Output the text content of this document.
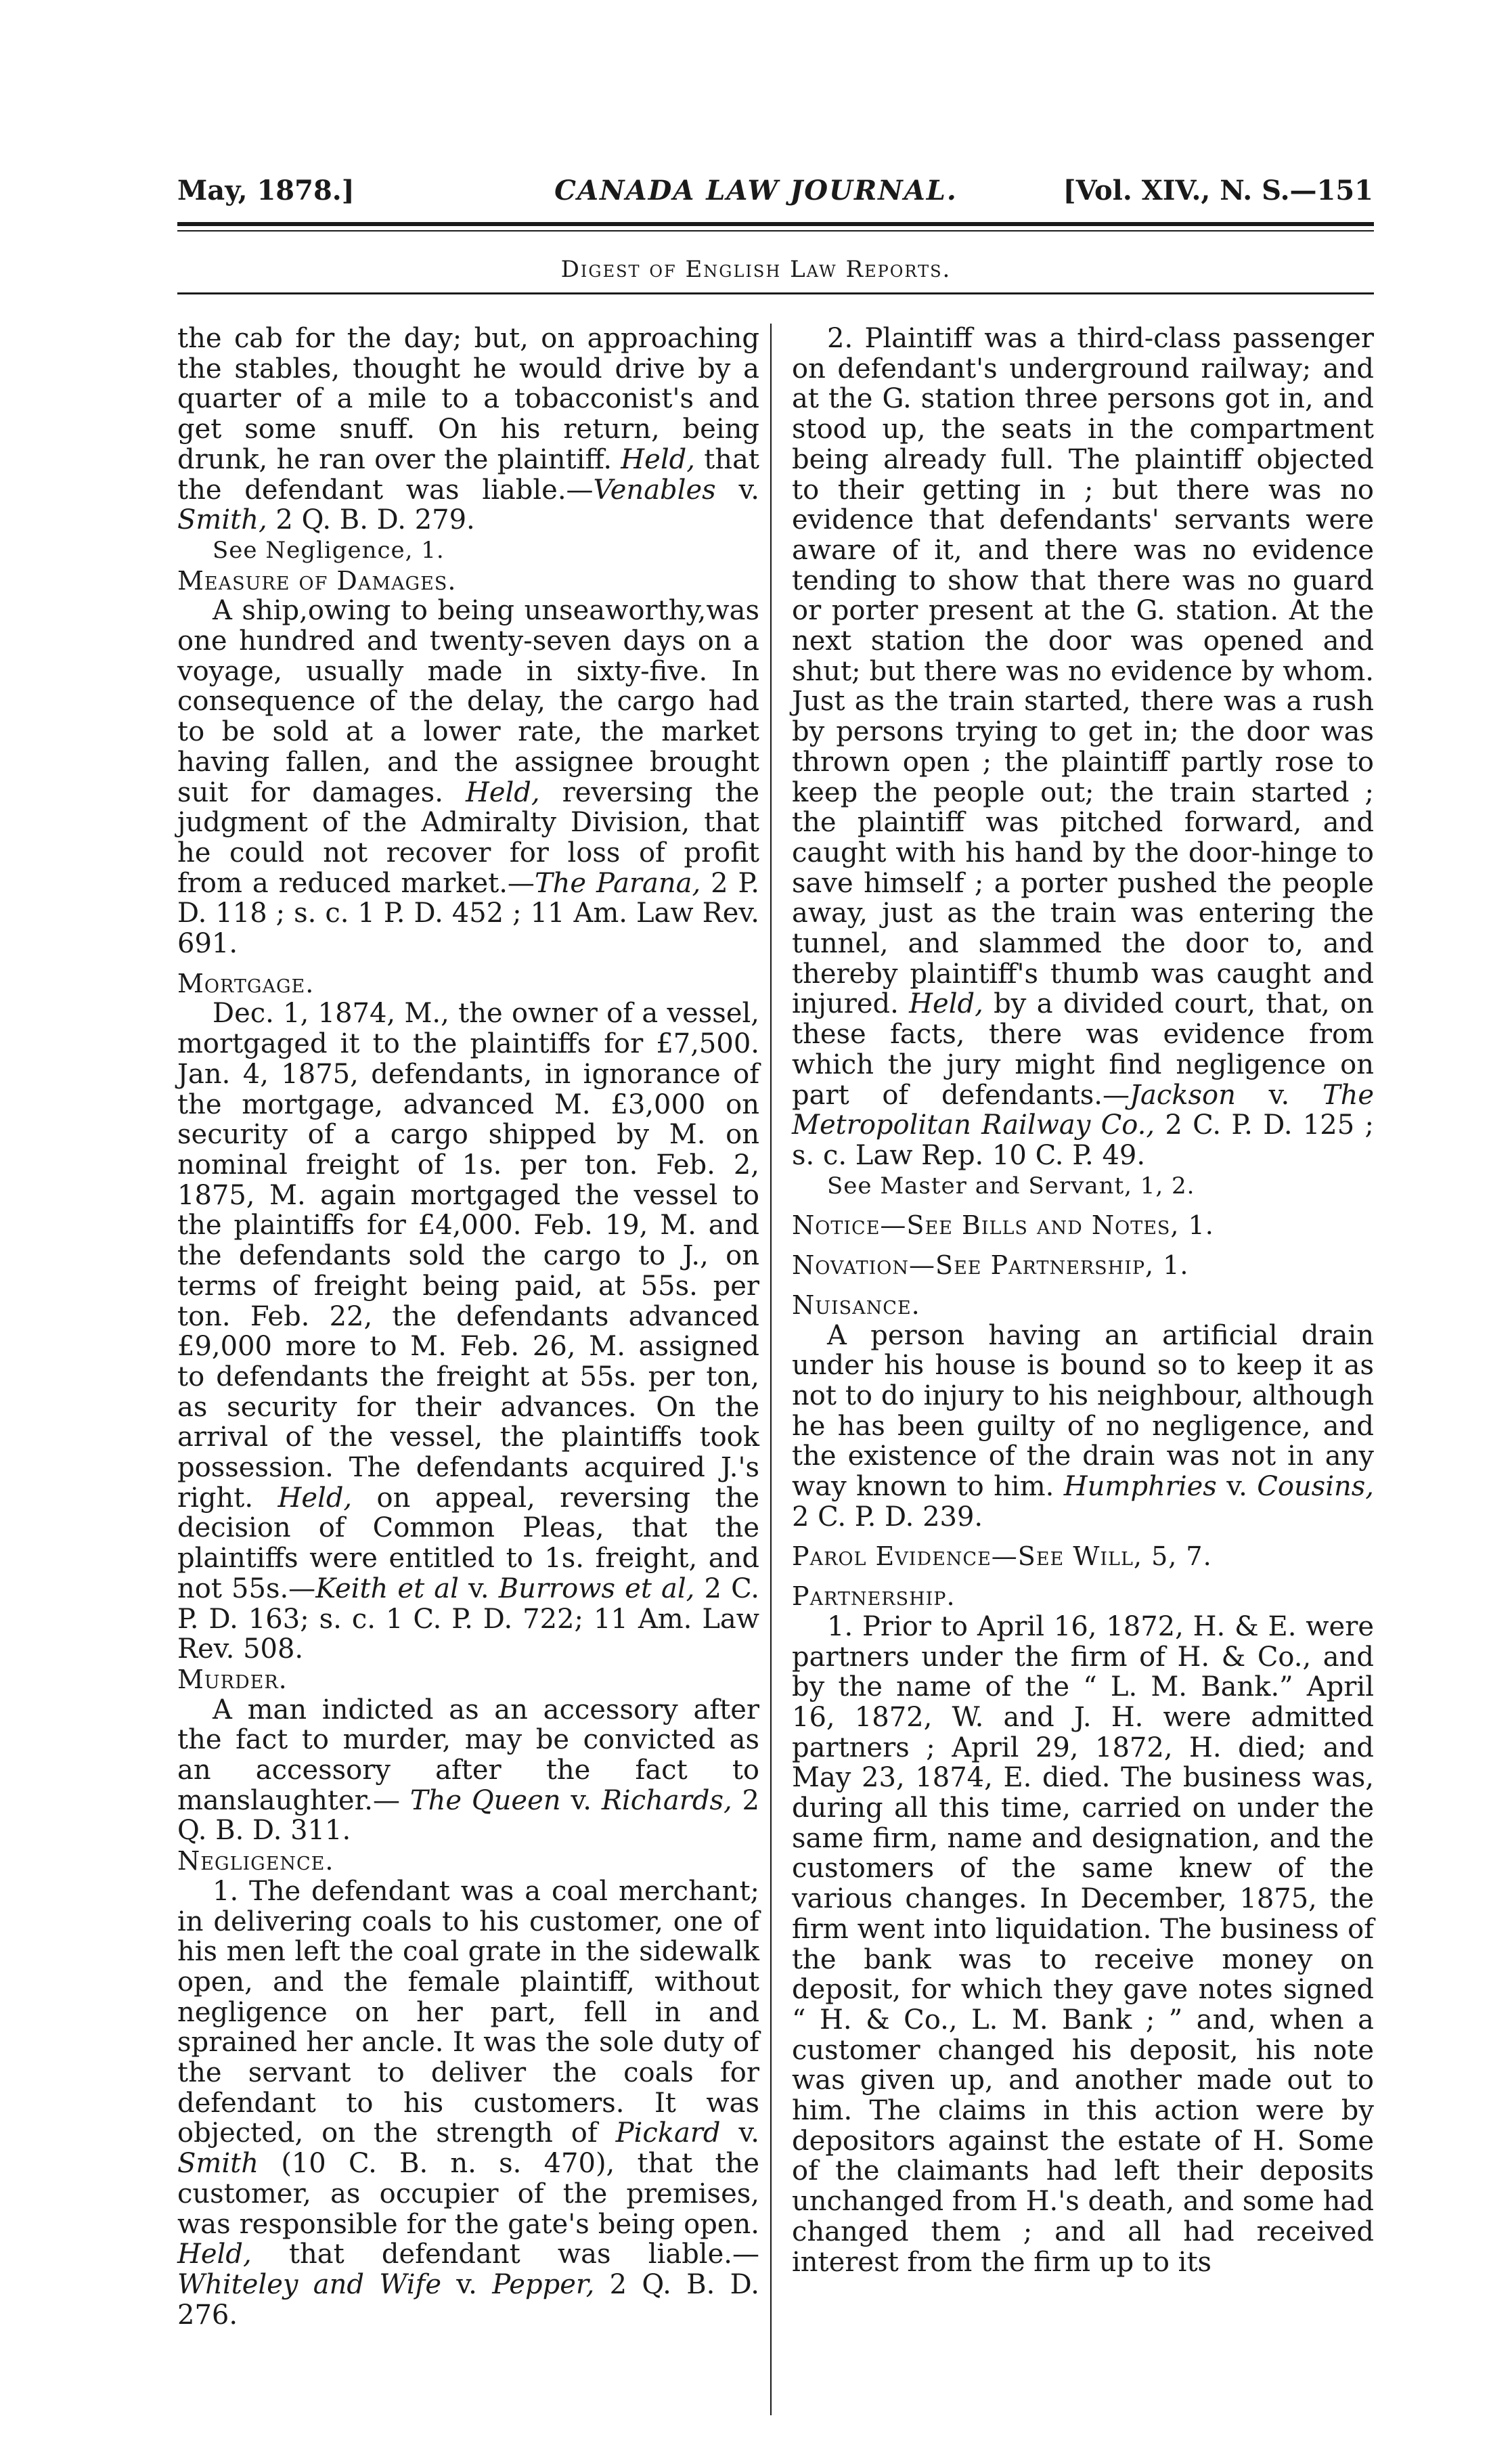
May, 1878.]	CANADA LAW JOURNAL.	[Vol. XIV., N. S.—151
Digest of English Law Reports.

the cab for the day; but, on approaching the stables, thought he would drive by a quarter of a mile to a tobacconist's and get some snuff. On his return, being drunk, he ran over the plaintiff. Held, that the defendant was liable.—Venables v. Smith, 2 Q. B. D. 279.

See Negligence, 1.

Measure of Damages.

A ship,owing to being unseaworthy,was one hundred and twenty-seven days on a voyage, usually made in sixty-five. In consequence of the delay, the cargo had to be sold at a lower rate, the market having fallen, and the assignee brought suit for damages. Held, reversing the judgment of the Admiralty Division, that he could not recover for loss of profit from a reduced market.—The Parana, 2 P. D. 118 ; s. c. 1 P. D. 452 ; 11 Am. Law Rev. 691.

Mortgage.

Dec. 1, 1874, M., the owner of a vessel, mortgaged it to the plaintiffs for £7,500. Jan. 4, 1875, defendants, in ignorance of the mortgage, advanced M. £3,000 on security of a cargo shipped by M. on nominal freight of 1s. per ton. Feb. 2, 1875, M. again mortgaged the vessel to the plaintiffs for £4,000. Feb. 19, M. and the defendants sold the cargo to J., on terms of freight being paid, at 55s. per ton. Feb. 22, the defendants advanced £9,000 more to M. Feb. 26, M. assigned to defendants the freight at 55s. per ton, as security for their advances. On the arrival of the vessel, the plaintiffs took possession. The defendants acquired J.'s right. Held, on appeal, reversing the decision of Common Pleas, that the plaintiffs were entitled to 1s. freight, and not 55s.—Keith et al v. Burrows et al, 2 C. P. D. 163; s. c. 1 C. P. D. 722; 11 Am. Law Rev. 508.

Murder.

A man indicted as an accessory after the fact to murder, may be convicted as an accessory after the fact to manslaughter.— The Queen v. Richards, 2 Q. B. D. 311.

Negligence.

1. The defendant was a coal merchant; in delivering coals to his customer, one of his men left the coal grate in the sidewalk open, and the female plaintiff, without negligence on her part, fell in and sprained her ancle. It was the sole duty of the servant to deliver the coals for defendant to his customers. It was objected, on the strength of Pickard v. Smith (10 C. B. n. s. 470), that the customer, as occupier of the premises, was responsible for the gate's being open. Held, that defendant was liable.—Whiteley and Wife v. Pepper, 2 Q. B. D. 276.

2. Plaintiff was a third-class passenger on defendant's underground railway; and at the G. station three persons got in, and stood up, the seats in the compartment being already full. The plaintiff objected to their getting in ; but there was no evidence that defendants' servants were aware of it, and there was no evidence tending to show that there was no guard or porter present at the G. station. At the next station the door was opened and shut; but there was no evidence by whom. Just as the train started, there was a rush by persons trying to get in; the door was thrown open ; the plaintiff partly rose to keep the people out; the train started ; the plaintiff was pitched forward, and caught with his hand by the door-hinge to save himself ; a porter pushed the people away, just as the train was entering the tunnel, and slammed the door to, and thereby plaintiff's thumb was caught and injured. Held, by a divided court, that, on these facts, there was evidence from which the jury might find negligence on part of defendants.—Jackson v. The Metropolitan Railway Co., 2 C. P. D. 125 ; s. c. Law Rep. 10 C. P. 49.

See Master and Servant, 1, 2.

Notice—See Bills and Notes, 1.

Novation—See Partnership, 1.

Nuisance.

A person having an artificial drain under his house is bound so to keep it as not to do injury to his neighbour, although he has been guilty of no negligence, and the existence of the drain was not in any way known to him. Humphries v. Cousins, 2 C. P. D. 239.

Parol Evidence—See Will, 5, 7.

Partnership.

1. Prior to April 16, 1872, H. & E. were partners under the firm of H. & Co., and by the name of the “ L. M. Bank.” April 16, 1872, W. and J. H. were admitted partners ; April 29, 1872, H. died; and May 23, 1874, E. died. The business was, during all this time, carried on under the same firm, name and designation, and the customers of the same knew of the various changes. In December, 1875, the firm went into liquidation. The business of the bank was to receive money on deposit, for which they gave notes signed “ H. & Co., L. M. Bank ; ” and, when a customer changed his deposit, his note was given up, and another made out to him. The claims in this action were by depositors against the estate of H. Some of the claimants had left their deposits unchanged from H.'s death, and some had changed them ; and all had received interest from the firm up to its
